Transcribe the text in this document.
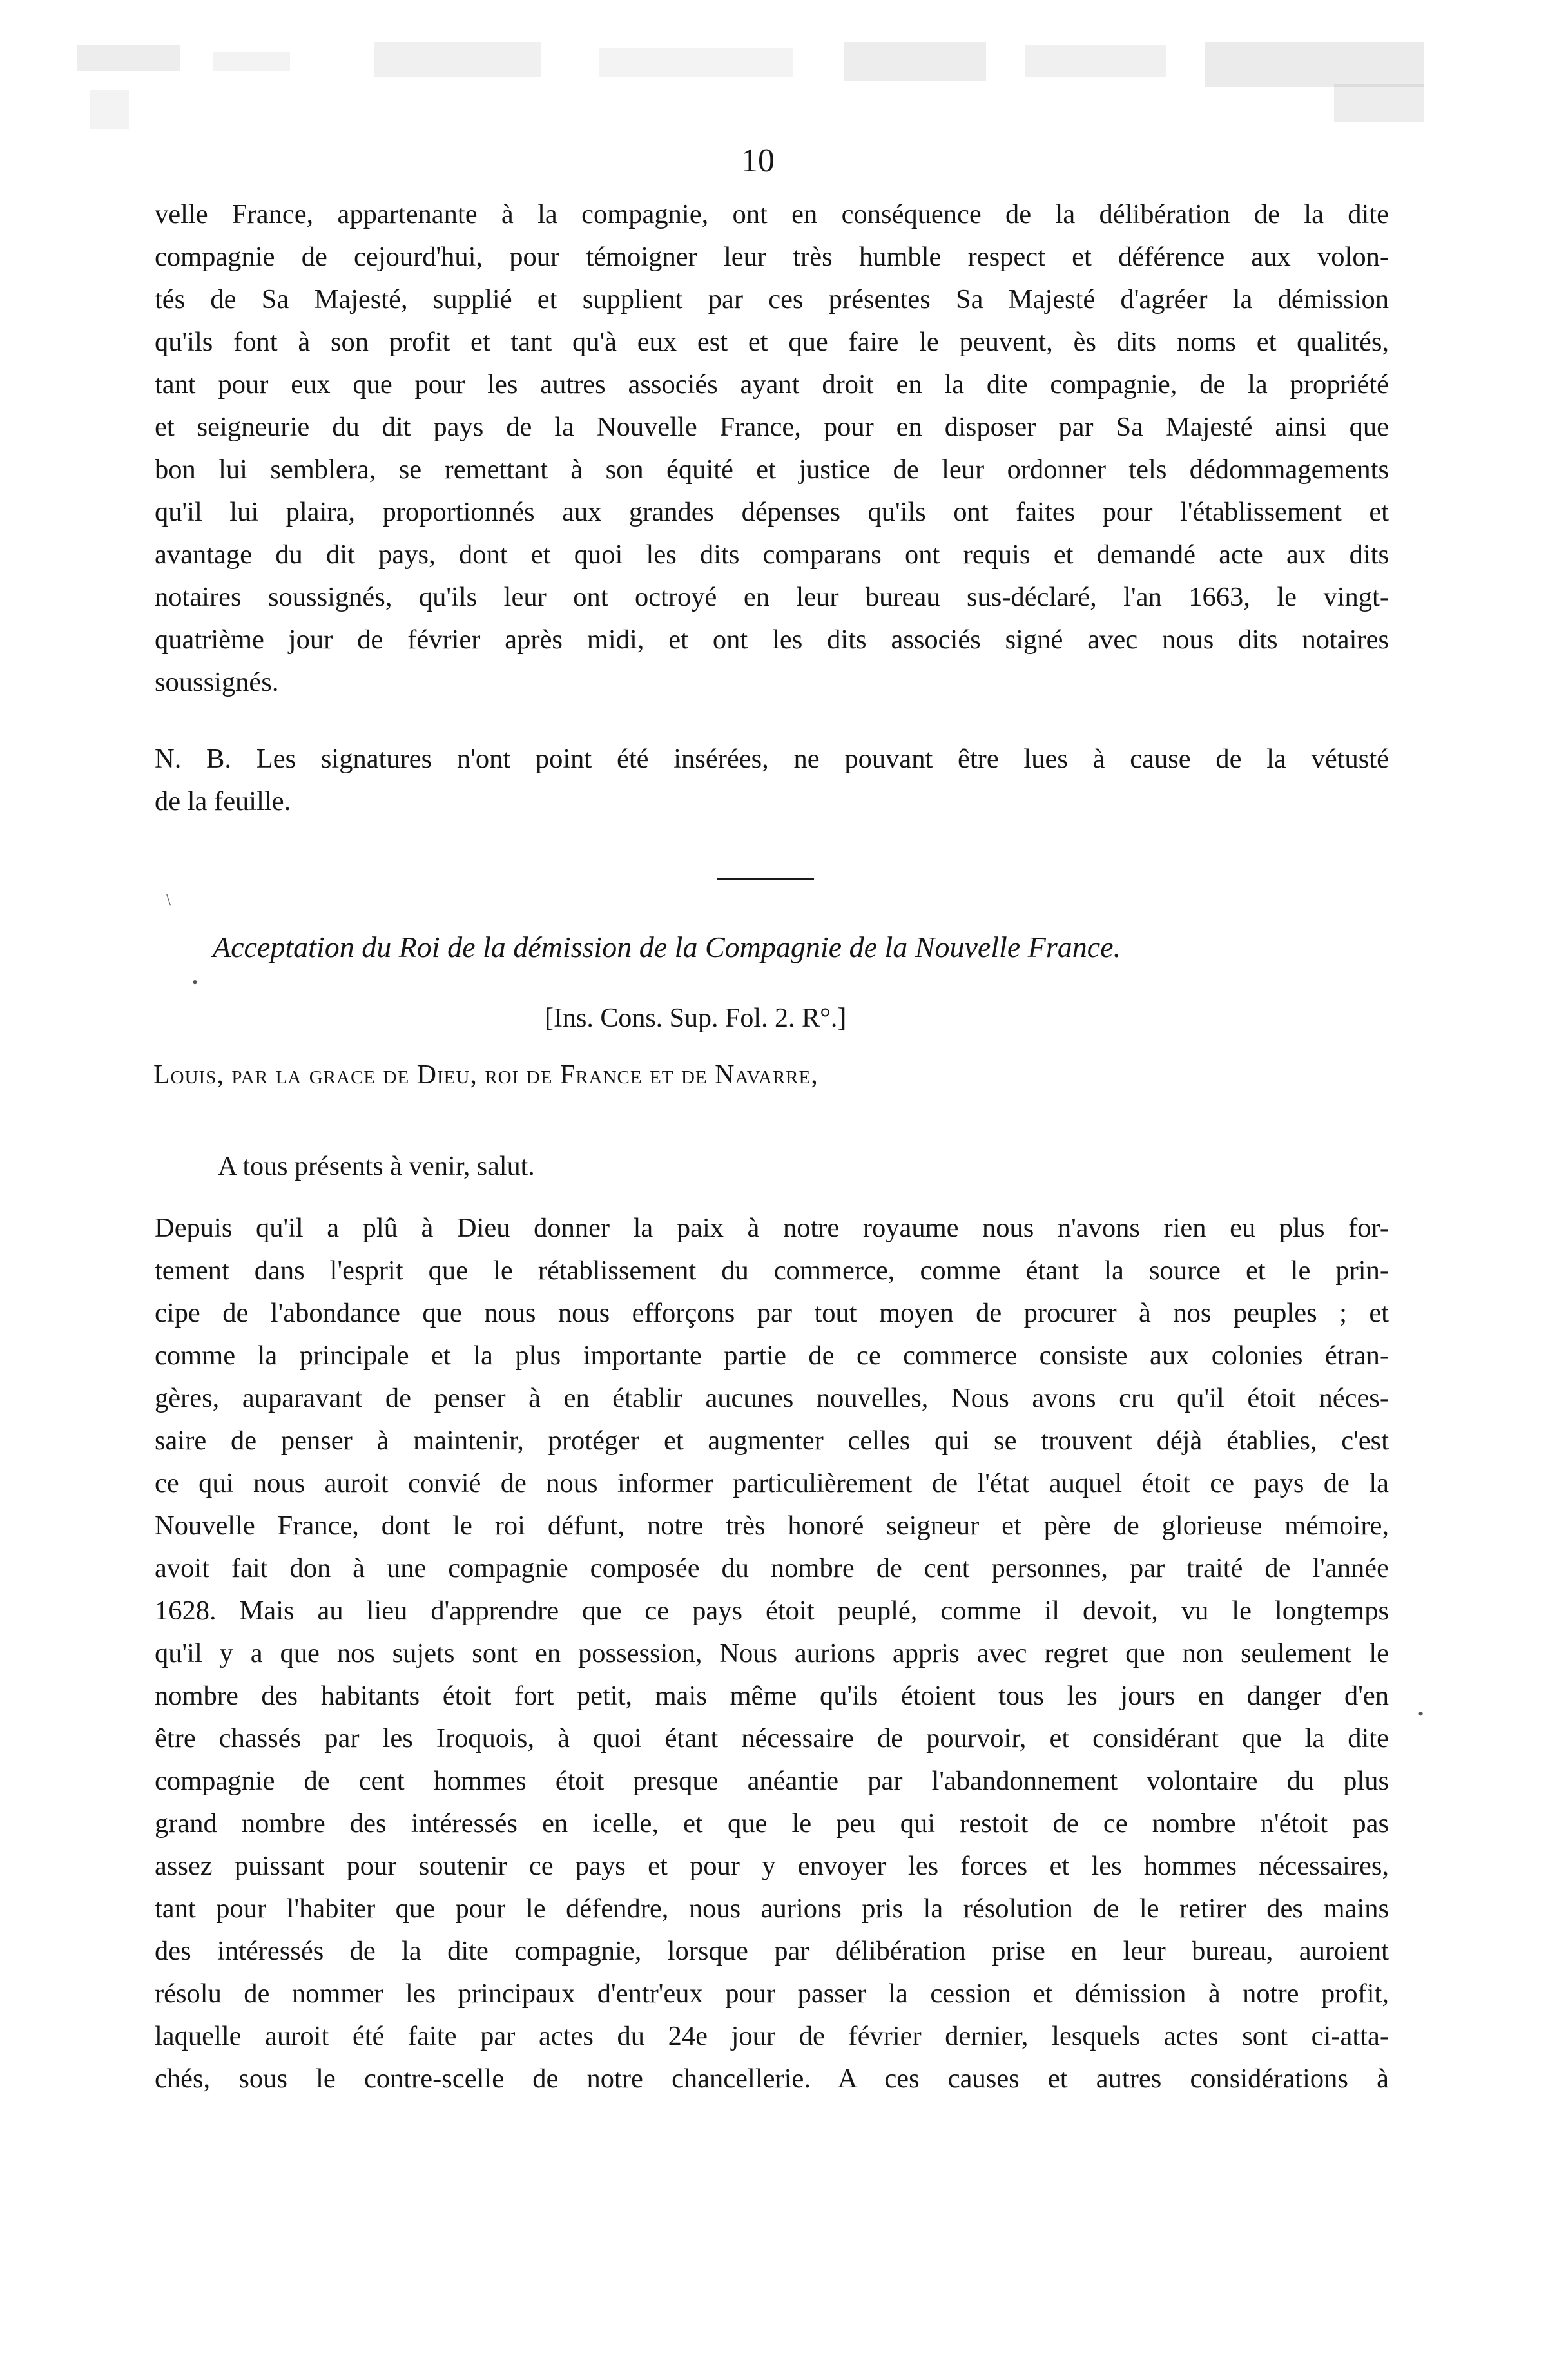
10
velle France, appartenante à la compagnie, ont en conséquence de la délibération de la dite
compagnie de cejourd'hui, pour témoigner leur très humble respect et déférence aux volon-
tés de Sa Majesté, supplié et supplient par ces présentes Sa Majesté d'agréer la démission
qu'ils font à son profit et tant qu'à eux est et que faire le peuvent, ès dits noms et qualités,
tant pour eux que pour les autres associés ayant droit en la dite compagnie, de la propriété
et seigneurie du dit pays de la Nouvelle France, pour en disposer par Sa Majesté ainsi que
bon lui semblera, se remettant à son équité et justice de leur ordonner tels dédommagements
qu'il lui plaira, proportionnés aux grandes dépenses qu'ils ont faites pour l'établissement et
avantage du dit pays, dont et quoi les dits comparans ont requis et demandé acte aux dits
notaires soussignés, qu'ils leur ont octroyé en leur bureau sus-déclaré, l'an 1663, le vingt-
quatrième jour de février après midi, et ont les dits associés signé avec nous dits notaires
soussignés.
N. B. Les signatures n'ont point été insérées, ne pouvant être lues à cause de la vétusté
de la feuille.
Acceptation du Roi de la démission de la Compagnie de la Nouvelle France.
[Ins. Cons. Sup. Fol. 2. R°.]
Louis, par la grace de Dieu, roi de France et de Navarre,
A tous présents à venir, salut.
Depuis qu'il a plû à Dieu donner la paix à notre royaume nous n'avons rien eu plus for-
tement dans l'esprit que le rétablissement du commerce, comme étant la source et le prin-
cipe de l'abondance que nous nous efforçons par tout moyen de procurer à nos peuples ; et
comme la principale et la plus importante partie de ce commerce consiste aux colonies étran-
gères, auparavant de penser à en établir aucunes nouvelles, Nous avons cru qu'il étoit néces-
saire de penser à maintenir, protéger et augmenter celles qui se trouvent déjà établies, c'est
ce qui nous auroit convié de nous informer particulièrement de l'état auquel étoit ce pays de la
Nouvelle France, dont le roi défunt, notre très honoré seigneur et père de glorieuse mémoire,
avoit fait don à une compagnie composée du nombre de cent personnes, par traité de l'année
1628. Mais au lieu d'apprendre que ce pays étoit peuplé, comme il devoit, vu le longtemps
qu'il y a que nos sujets sont en possession, Nous aurions appris avec regret que non seulement le
nombre des habitants étoit fort petit, mais même qu'ils étoient tous les jours en danger d'en
être chassés par les Iroquois, à quoi étant nécessaire de pourvoir, et considérant que la dite
compagnie de cent hommes étoit presque anéantie par l'abandonnement volontaire du plus
grand nombre des intéressés en icelle, et que le peu qui restoit de ce nombre n'étoit pas
assez puissant pour soutenir ce pays et pour y envoyer les forces et les hommes nécessaires,
tant pour l'habiter que pour le défendre, nous aurions pris la résolution de le retirer des mains
des intéressés de la dite compagnie, lorsque par délibération prise en leur bureau, auroient
résolu de nommer les principaux d'entr'eux pour passer la cession et démission à notre profit,
laquelle auroit été faite par actes du 24e jour de février dernier, lesquels actes sont ci-atta-
chés, sous le contre-scelle de notre chancellerie. A ces causes et autres considérations à
\
•
•
